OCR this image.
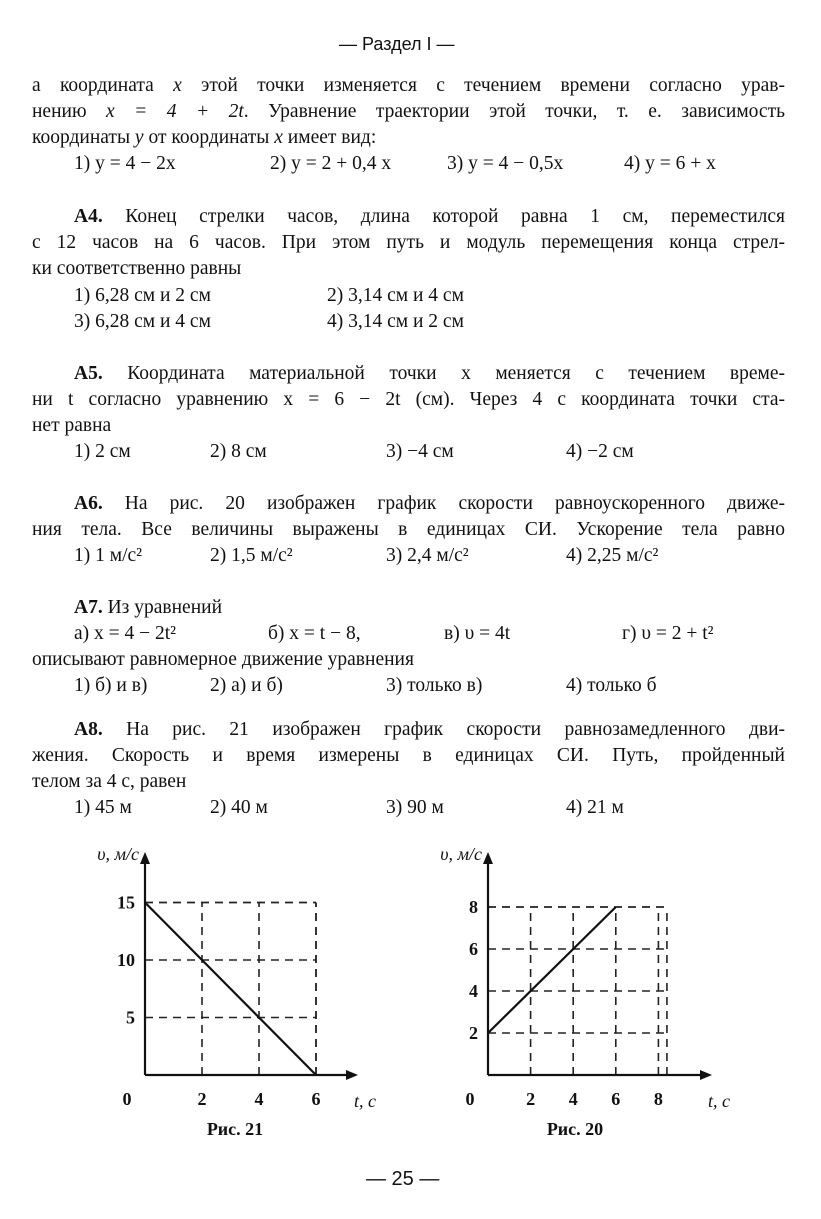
— Раздел I —
а координата x этой точки изменяется с течением времени согласно урав-
нению x = 4 + 2t. Уравнение траектории этой точки, т. е. зависимость
координаты y от координаты x имеет вид:
1) y = 4 − 2x	2) y = 2 + 0,4 x	3) y = 4 − 0,5x	4) y = 6 + x
А4. Конец стрелки часов, длина которой равна 1 см, переместился
с 12 часов на 6 часов. При этом путь и модуль перемещения конца стрел-
ки соответственно равны
1) 6,28 см и 2 см	2) 3,14 см и 4 см
3) 6,28 см и 4 см	4) 3,14 см и 2 см
А5. Координата материальной точки x меняется с течением време-
ни t согласно уравнению x = 6 − 2t (см). Через 4 с координата точки ста-
нет равна
1) 2 см	2) 8 см	3) −4 см	4) −2 см
А6. На рис. 20 изображен график скорости равноускоренного движе-
ния тела. Все величины выражены в единицах СИ. Ускорение тела равно
1) 1 м/с²	2) 1,5 м/с²	3) 2,4 м/с²	4) 2,25 м/с²
А7. Из уравнений
а) x = 4 − 2t²	б) x = t − 8,	в) υ = 4t	г) υ = 2 + t²
описывают равномерное движение уравнения
1) б) и в)	2) а) и б)	3) только в)	4) только б
А8. На рис. 21 изображен график скорости равнозамедленного дви-
жения. Скорость и время измерены в единицах СИ. Путь, пройденный
телом за 4 с, равен
1) 45 м	2) 40 м	3) 90 м	4) 21 м
0	2	4	6
5
10
15
t, c
υ, м/с
Рис. 21
0	2 4 6 8
2
4
6
8
t, c
υ, м/с
Рис. 20
— 25 —
